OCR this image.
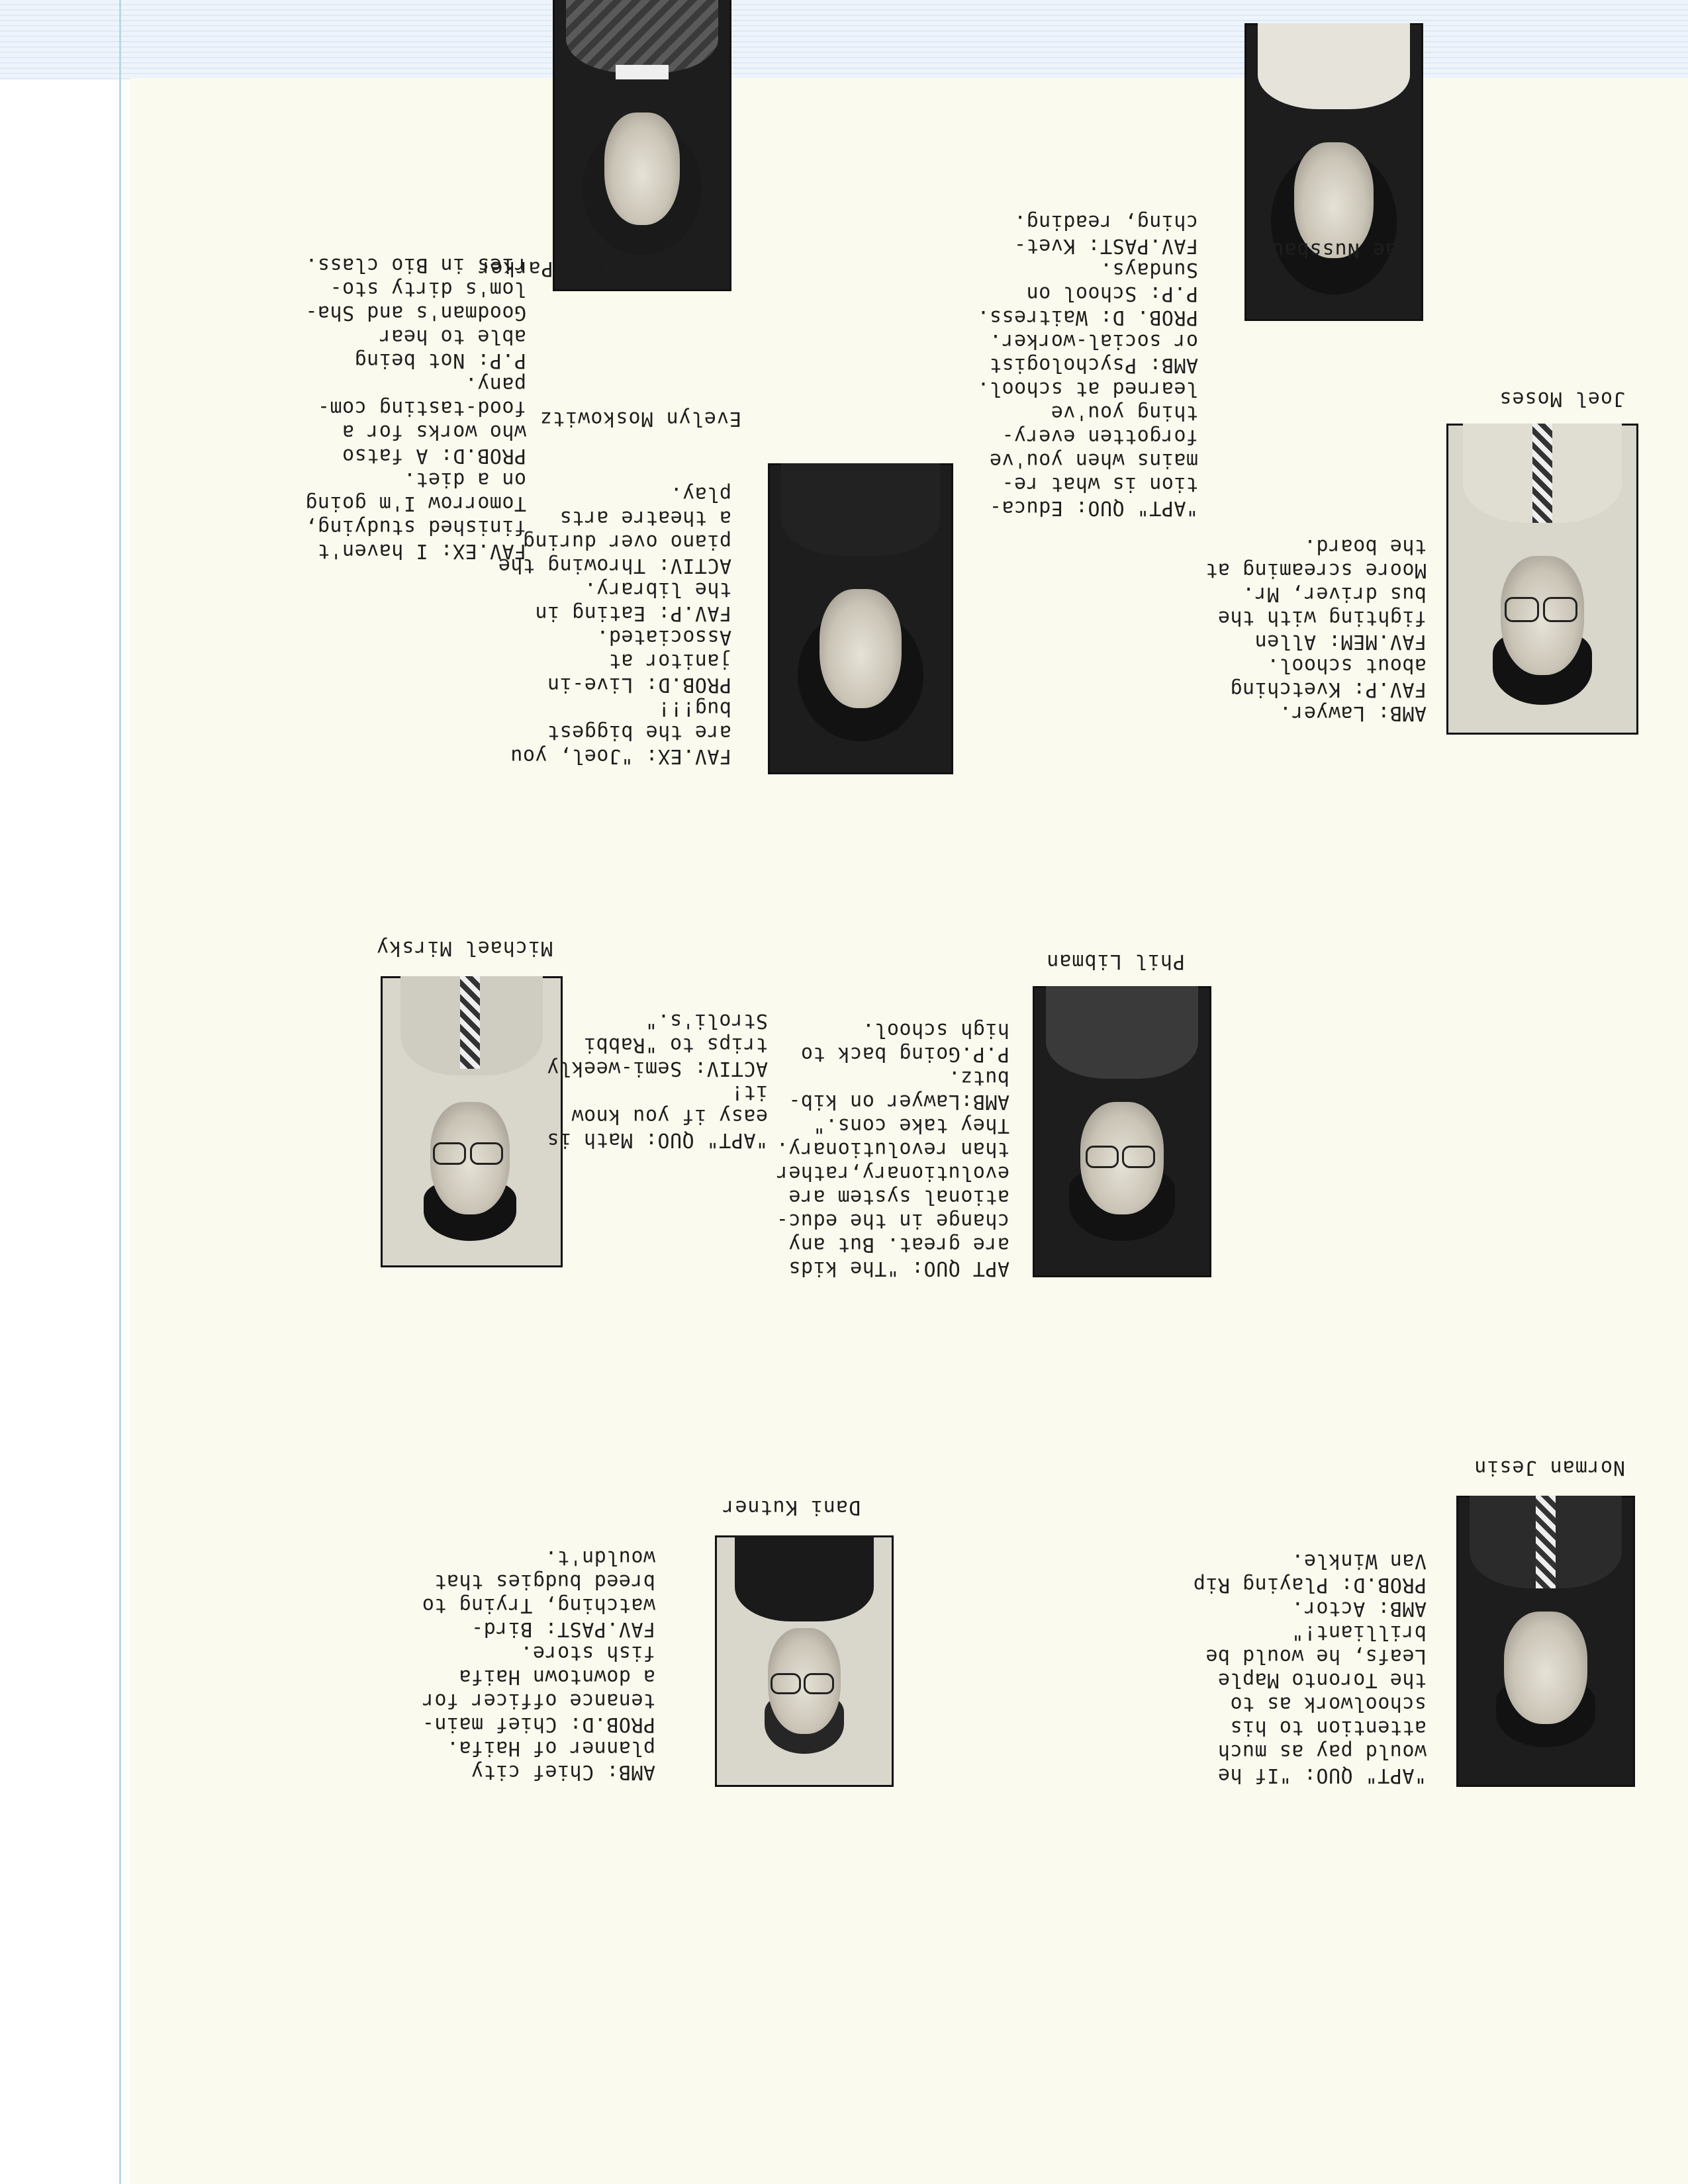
"APT" QUO: "If he
would pay as much
attention to his
schoolwork as to
the Toronto Maple
Leafs, he would be
brilliant!"
AMB: Actor.
PROB.D: Playing Rip
Van Winkle.
Norman Jesin
AMB: Chief city
planner of Haifa.
PROB.D: Chief main-
tenance officer for
a downtown Haifa
fish store.
FAV.PAST: Bird-
watching, Trying to
breed budgies that
wouldn't.
Dani Kutner
APT QUO: "The kids
are great. But any
change in the educ-
ational system are
evolutionary,rather
than revolutionary.
They take cons."
AMB:Lawyer on kib-
butz.
P.P.Going back to
high school.
Phil Libman
"APT" QUO: Math is
easy if you know
it!
ACTIV: Semi-weekly
trips to "Rabbi
Stroli's."
Michael Mirsky
AMB: Lawyer.
FAV.P: Kvetching
about school.
FAV.MEM: Allen
fighting with the
bus driver, Mr.
Moore screaming at
the board.
Joel Moses
FAV.EX: "Joel, you
are the biggest
bug!!!
PROB.D: Live-in
janitor at
Associated.
FAV.P: Eating in
the library.
ACTIV: Throwing the
piano over during
a theatre arts
play.
Evelyn Moskowitz
"APT" QUO: Educa-
tion is what re-
mains when you've
forgotten every-
thing you've
learned at school.
AMB: Psychologist
or social-worker.
PROB. D: Waitress.
P.P: School on
Sundays.
FAV.PAST: Kvet-
ching, reading.
Rae Nussbaum
FAV.EX: I haven't
finished studying,
Tomorrow I'm going
on a diet.
PROB.D: A fatso
who works for a
food-tasting com-
pany.
P.P: Not being
able to hear
Goodman's and Sha-
lom's dirty sto-
ries in Bio class.	Faith Parker
